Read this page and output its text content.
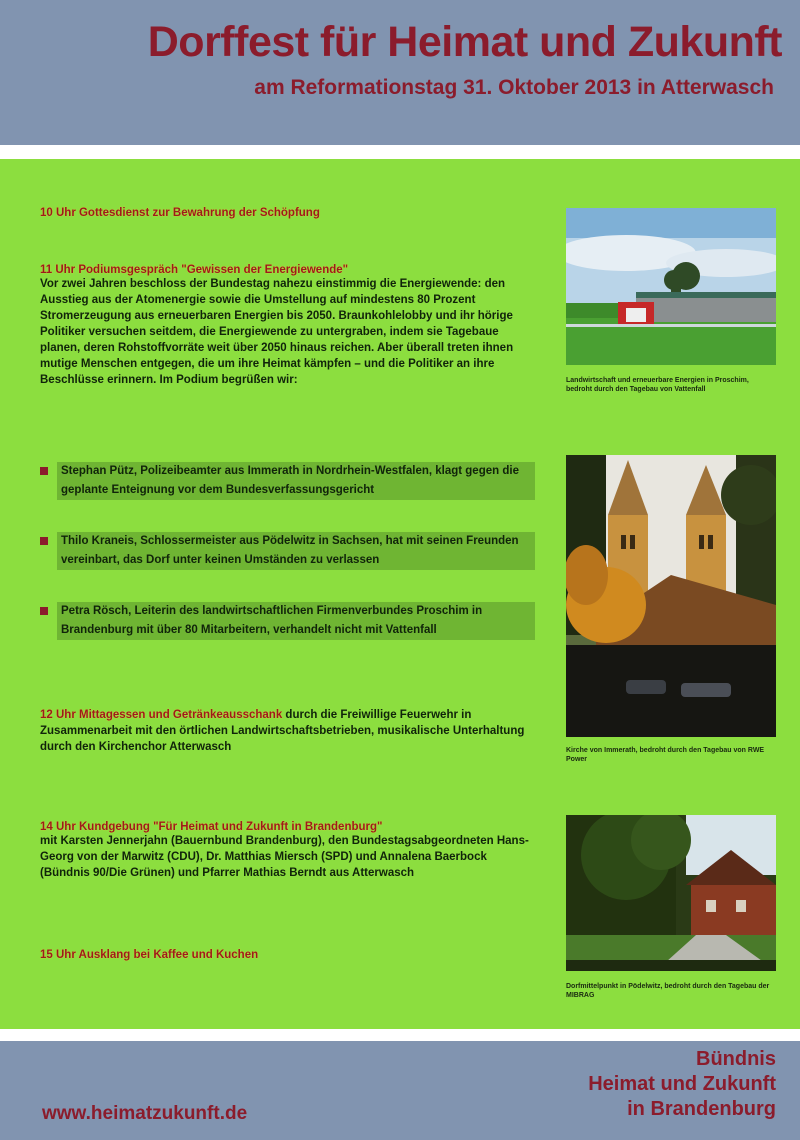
Dorffest für Heimat und Zukunft

am Reformationstag 31. Oktober 2013 in Atterwasch

10 Uhr Gottesdienst zur Bewahrung der Schöpfung
11 Uhr Podiumsgespräch "Gewissen der Energiewende"
Vor zwei Jahren beschloss der Bundestag nahezu einstimmig die Energiewende: den Ausstieg aus der Atomenergie sowie die Umstellung auf mindestens 80 Prozent Stromerzeugung aus erneuerbaren Energien bis 2050. Braunkohlelobby und ihr hörige Politiker versuchen seitdem, die Energiewende zu untergraben, indem sie Tagebaue planen, deren Rohstoffvorräte weit über 2050 hinaus reichen. Aber überall treten ihnen mutige Menschen entgegen, die um ihre Heimat kämpfen – und die Politiker an ihre Beschlüsse erinnern. Im Podium begrüßen wir:
Stephan Pütz, Polizeibeamter aus Immerath in Nordrhein-Westfalen, klagt gegen die geplante Enteignung vor dem Bundesverfassungsgericht
Thilo Kraneis, Schlossermeister aus Pödelwitz in Sachsen, hat mit seinen Freunden vereinbart, das Dorf unter keinen Umständen zu verlassen
Petra Rösch, Leiterin des landwirtschaftlichen Firmenverbundes Proschim in Brandenburg mit über 80 Mitarbeitern, verhandelt nicht mit Vattenfall
12 Uhr Mittagessen und Getränkeausschank durch die Freiwillige Feuerwehr in Zusammenarbeit mit den örtlichen Landwirtschaftsbetrieben, musikalische Unterhaltung durch den Kirchenchor Atterwasch
14 Uhr Kundgebung "Für Heimat und Zukunft in Brandenburg"
mit Karsten Jennerjahn (Bauernbund Brandenburg), den Bundestagsabgeordneten Hans-Georg von der Marwitz (CDU), Dr. Matthias Miersch (SPD) und Annalena Baerbock (Bündnis 90/Die Grünen) und Pfarrer Mathias Berndt aus Atterwasch
15 Uhr Ausklang bei Kaffee und Kuchen
Landwirtschaft und erneuerbare Energien in Proschim, bedroht durch den Tagebau von Vattenfall
Kirche von Immerath, bedroht durch den Tagebau von RWE Power
Dorfmittelpunkt in Pödelwitz, bedroht durch den Tagebau der MIBRAG
www.heimatzukunft.de
Bündnis
Heimat und Zukunft
in Brandenburg
